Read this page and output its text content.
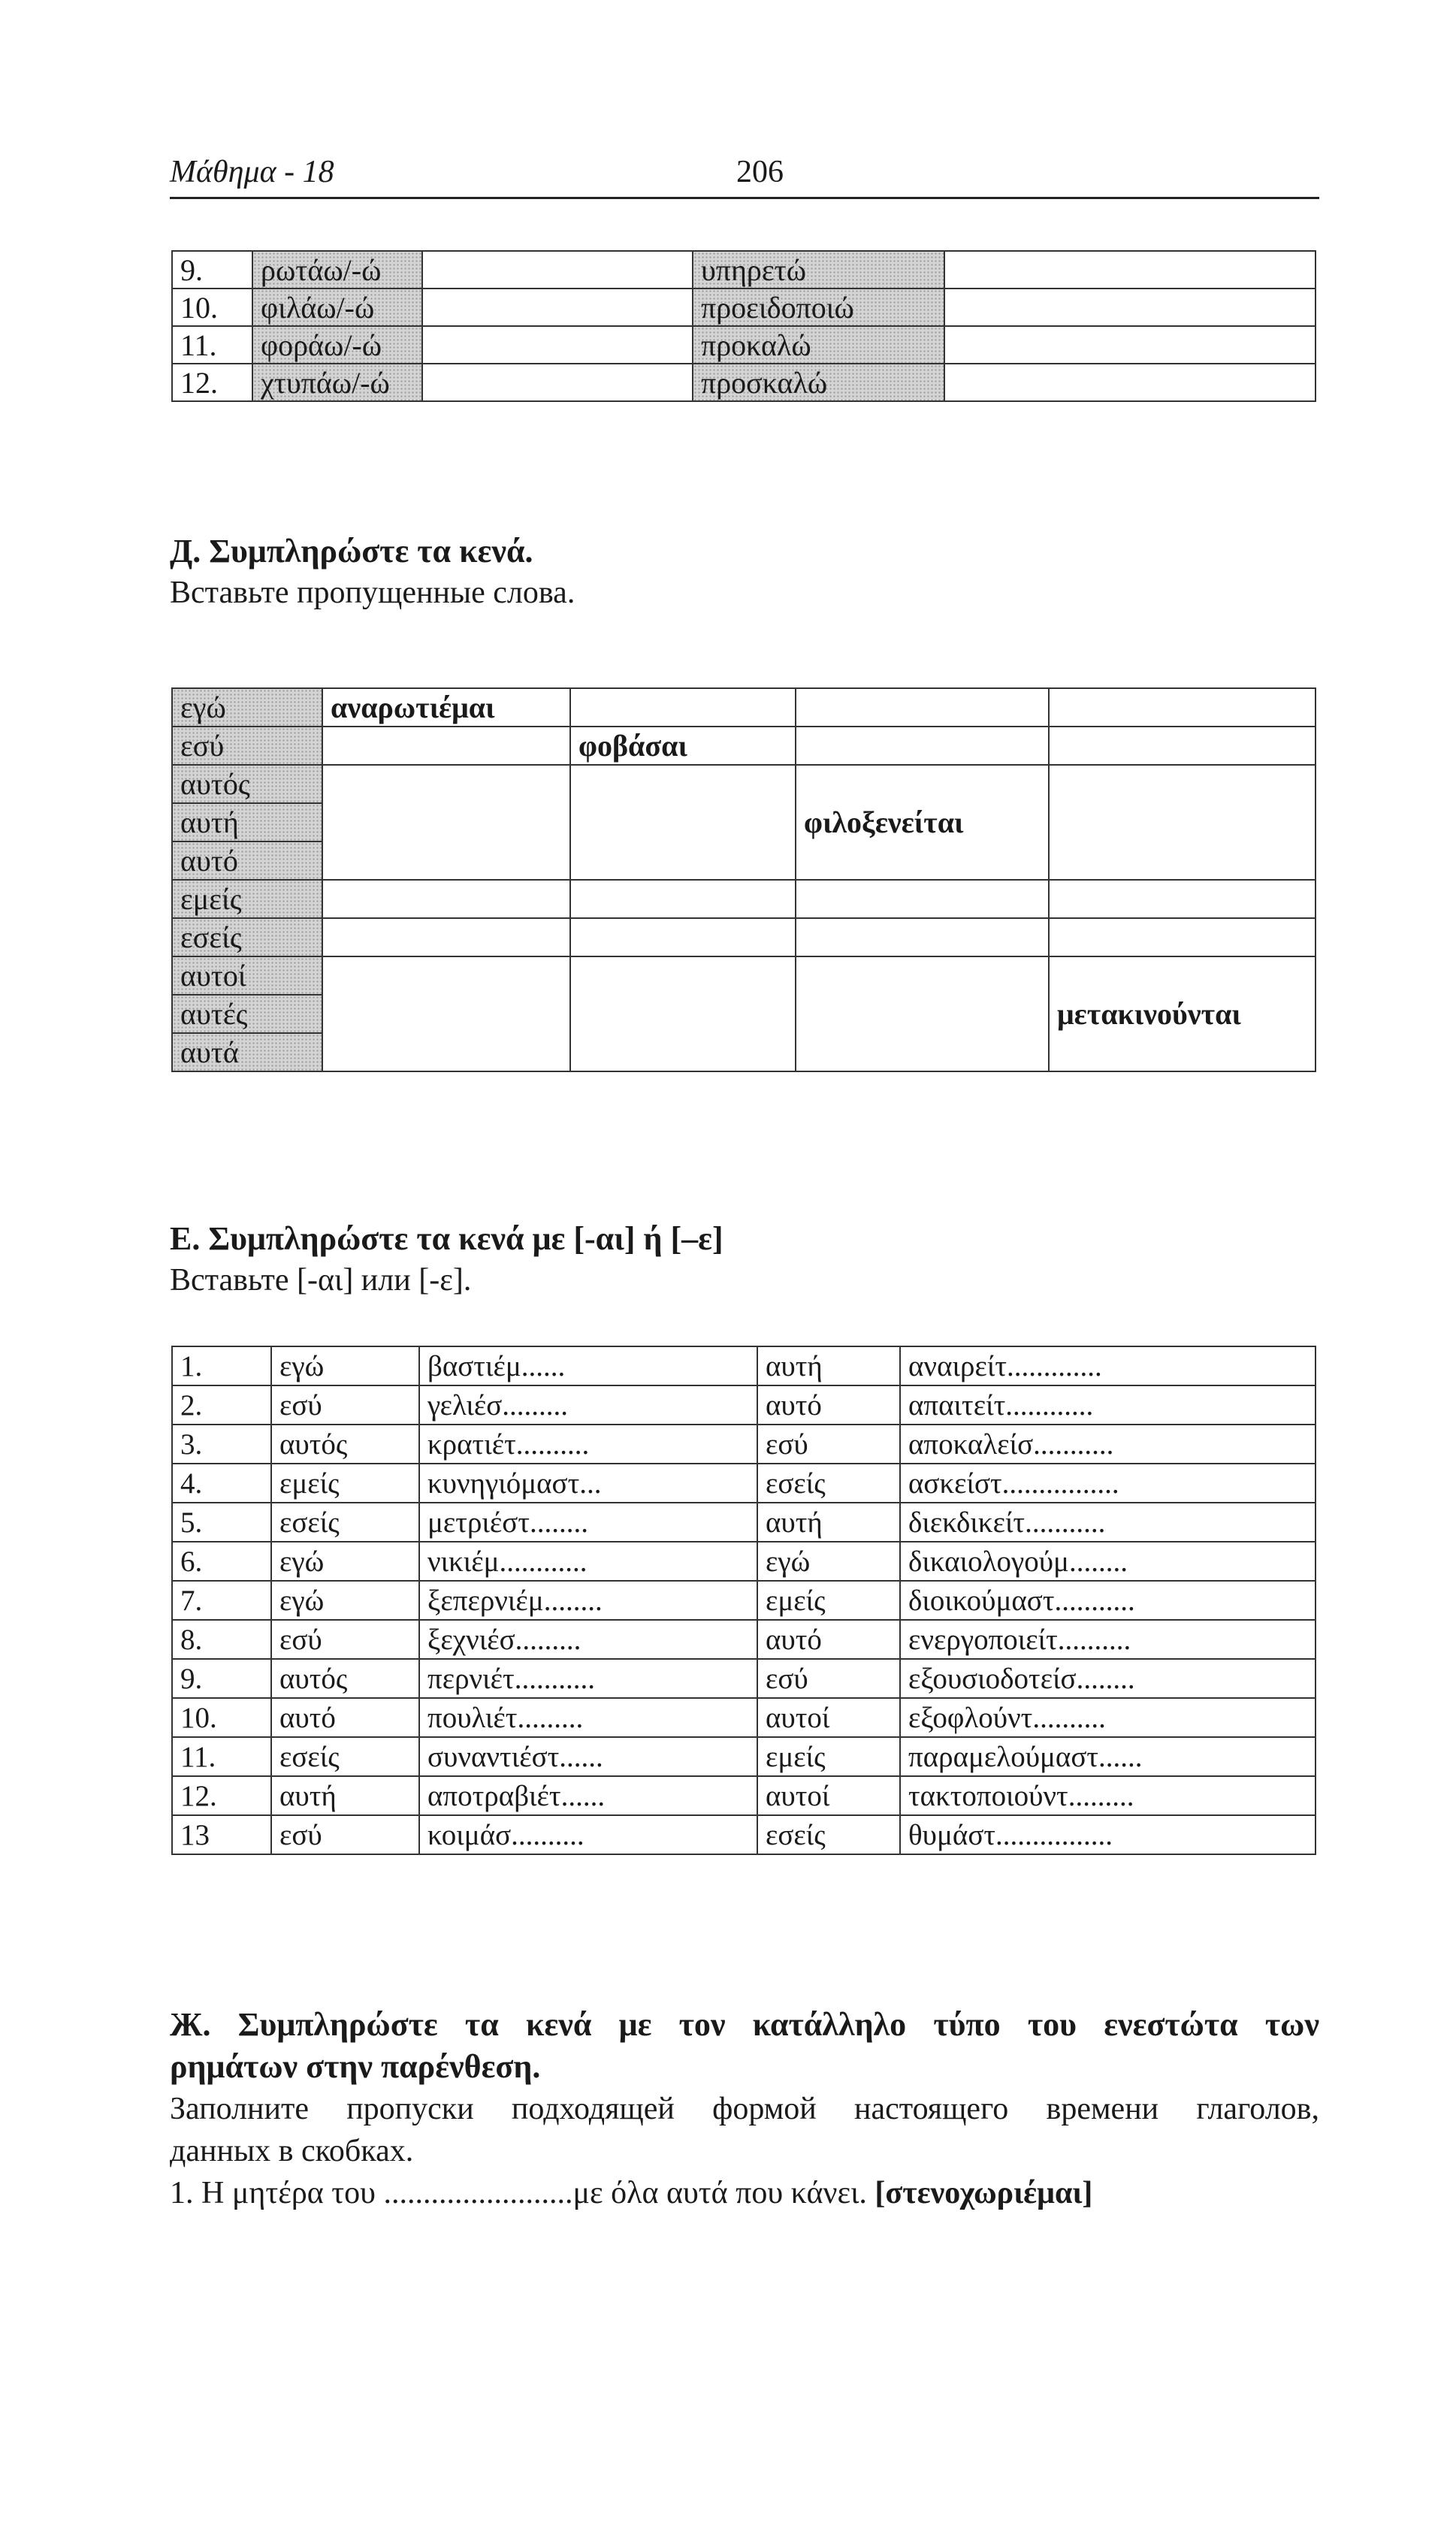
Μάθημα - 18	206
9.	ρωτάω/-ώ		υπηρετώ	
10.	φιλάω/-ώ		προειδοποιώ	
11.	φοράω/-ώ		προκαλώ	
12.	χτυπάω/-ώ		προσκαλώ	
Д. Συμπληρώστε τα κενά.
Вставьте пропущенные слова.
εγώ	αναρωτιέμαι			
εσύ		φοβάσαι		
αυτός			φιλοξενείται	
αυτή				
αυτό				
εμείς				
εσείς				
αυτοί				μετακινούνται
αυτές				
αυτά				
Е. Συμπληρώστε τα κενά με [-αι] ή [–ε]
Вставьте [-αι] или [-ε].
1.	εγώ	βαστιέμ......	αυτή	αναιρείτ.............
2.	εσύ	γελιέσ.........	αυτό	απαιτείτ............
3.	αυτός	κρατιέτ..........	εσύ	αποκαλείσ...........
4.	εμείς	κυνηγιόμαστ...	εσείς	ασκείστ................
5.	εσείς	μετριέστ........	αυτή	διεκδικείτ...........
6.	εγώ	νικιέμ............	εγώ	δικαιολογούμ........
7.	εγώ	ξεπερνιέμ........	εμείς	διοικούμαστ...........
8.	εσύ	ξεχνιέσ.........	αυτό	ενεργοποιείτ..........
9.	αυτός	περνιέτ...........	εσύ	εξουσιοδοτείσ........
10.	αυτό	πουλιέτ.........	αυτοί	εξοφλούντ..........
11.	εσείς	συναντιέστ......	εμείς	παραμελούμαστ......
12.	αυτή	αποτραβιέτ......	αυτοί	τακτοποιούντ.........
13	εσύ	κοιμάσ..........	εσείς	θυμάστ................
Ж. Συμπληρώστε τα κενά με τον κατάλληλο τύπο του ενεστώτα των
ρημάτων στην παρένθεση.
Заполните пропуски подходящей формой настоящего времени глаголов,
данных в скобках.
1. Η μητέρα του ........................με όλα αυτά που κάνει. [στενοχωριέμαι]
